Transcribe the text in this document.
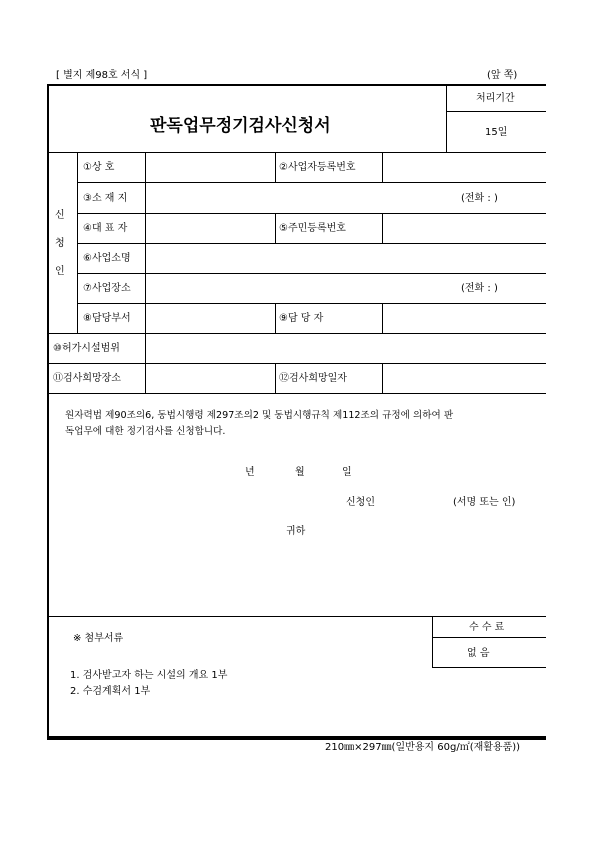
[ 별지 제98호 서식 ]	(앞 쪽)
판독업무정기검사신청서
처리기간
15일
신
청
인
①상 호	②사업자등록번호
③소 재 지	(전화 : )
④대 표 자	⑤주민등록번호
⑥사업소명
⑦사업장소	(전화 : )
⑧담당부서	⑨담 당 자
⑩허가시설범위
⑪검사희망장소	⑫검사희망일자
원자력법 제90조의6, 동법시행령 제297조의2 및 동법시행규칙 제112조의 규정에 의하여 판
독업무에 대한 정기검사를 신청합니다.
년	월	일
신청인	(서명 또는 인)
귀하
※ 첨부서류
수 수 료
없 음
1. 검사받고자 하는 시설의 개요 1부
2. 수검계획서 1부
210㎜×297㎜(일반용지 60g/㎡(재활용품))
